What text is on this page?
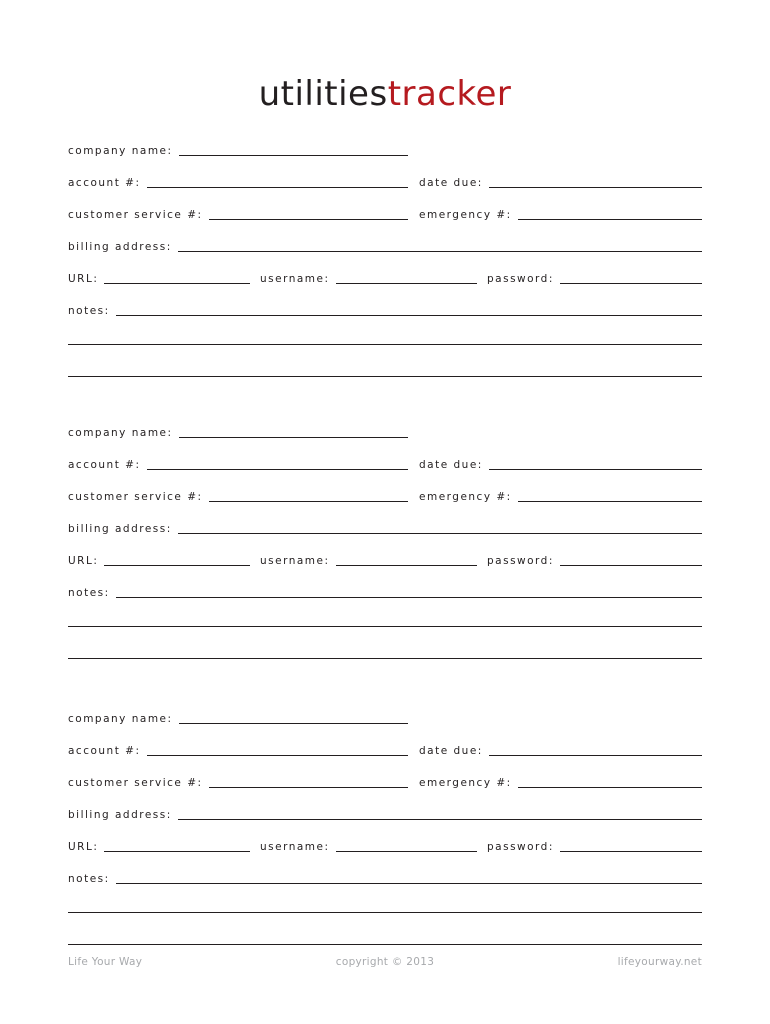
utilitiestracker
company name:
account #:	date due:
customer service #:	emergency #:
billing address:
URL:	username:	password:
notes:
company name:
account #:	date due:
customer service #:	emergency #:
billing address:
URL:	username:	password:
notes:
company name:
account #:	date due:
customer service #:	emergency #:
billing address:
URL:	username:	password:
notes:
Life Your Way	copyright © 2013	lifeyourway.net
